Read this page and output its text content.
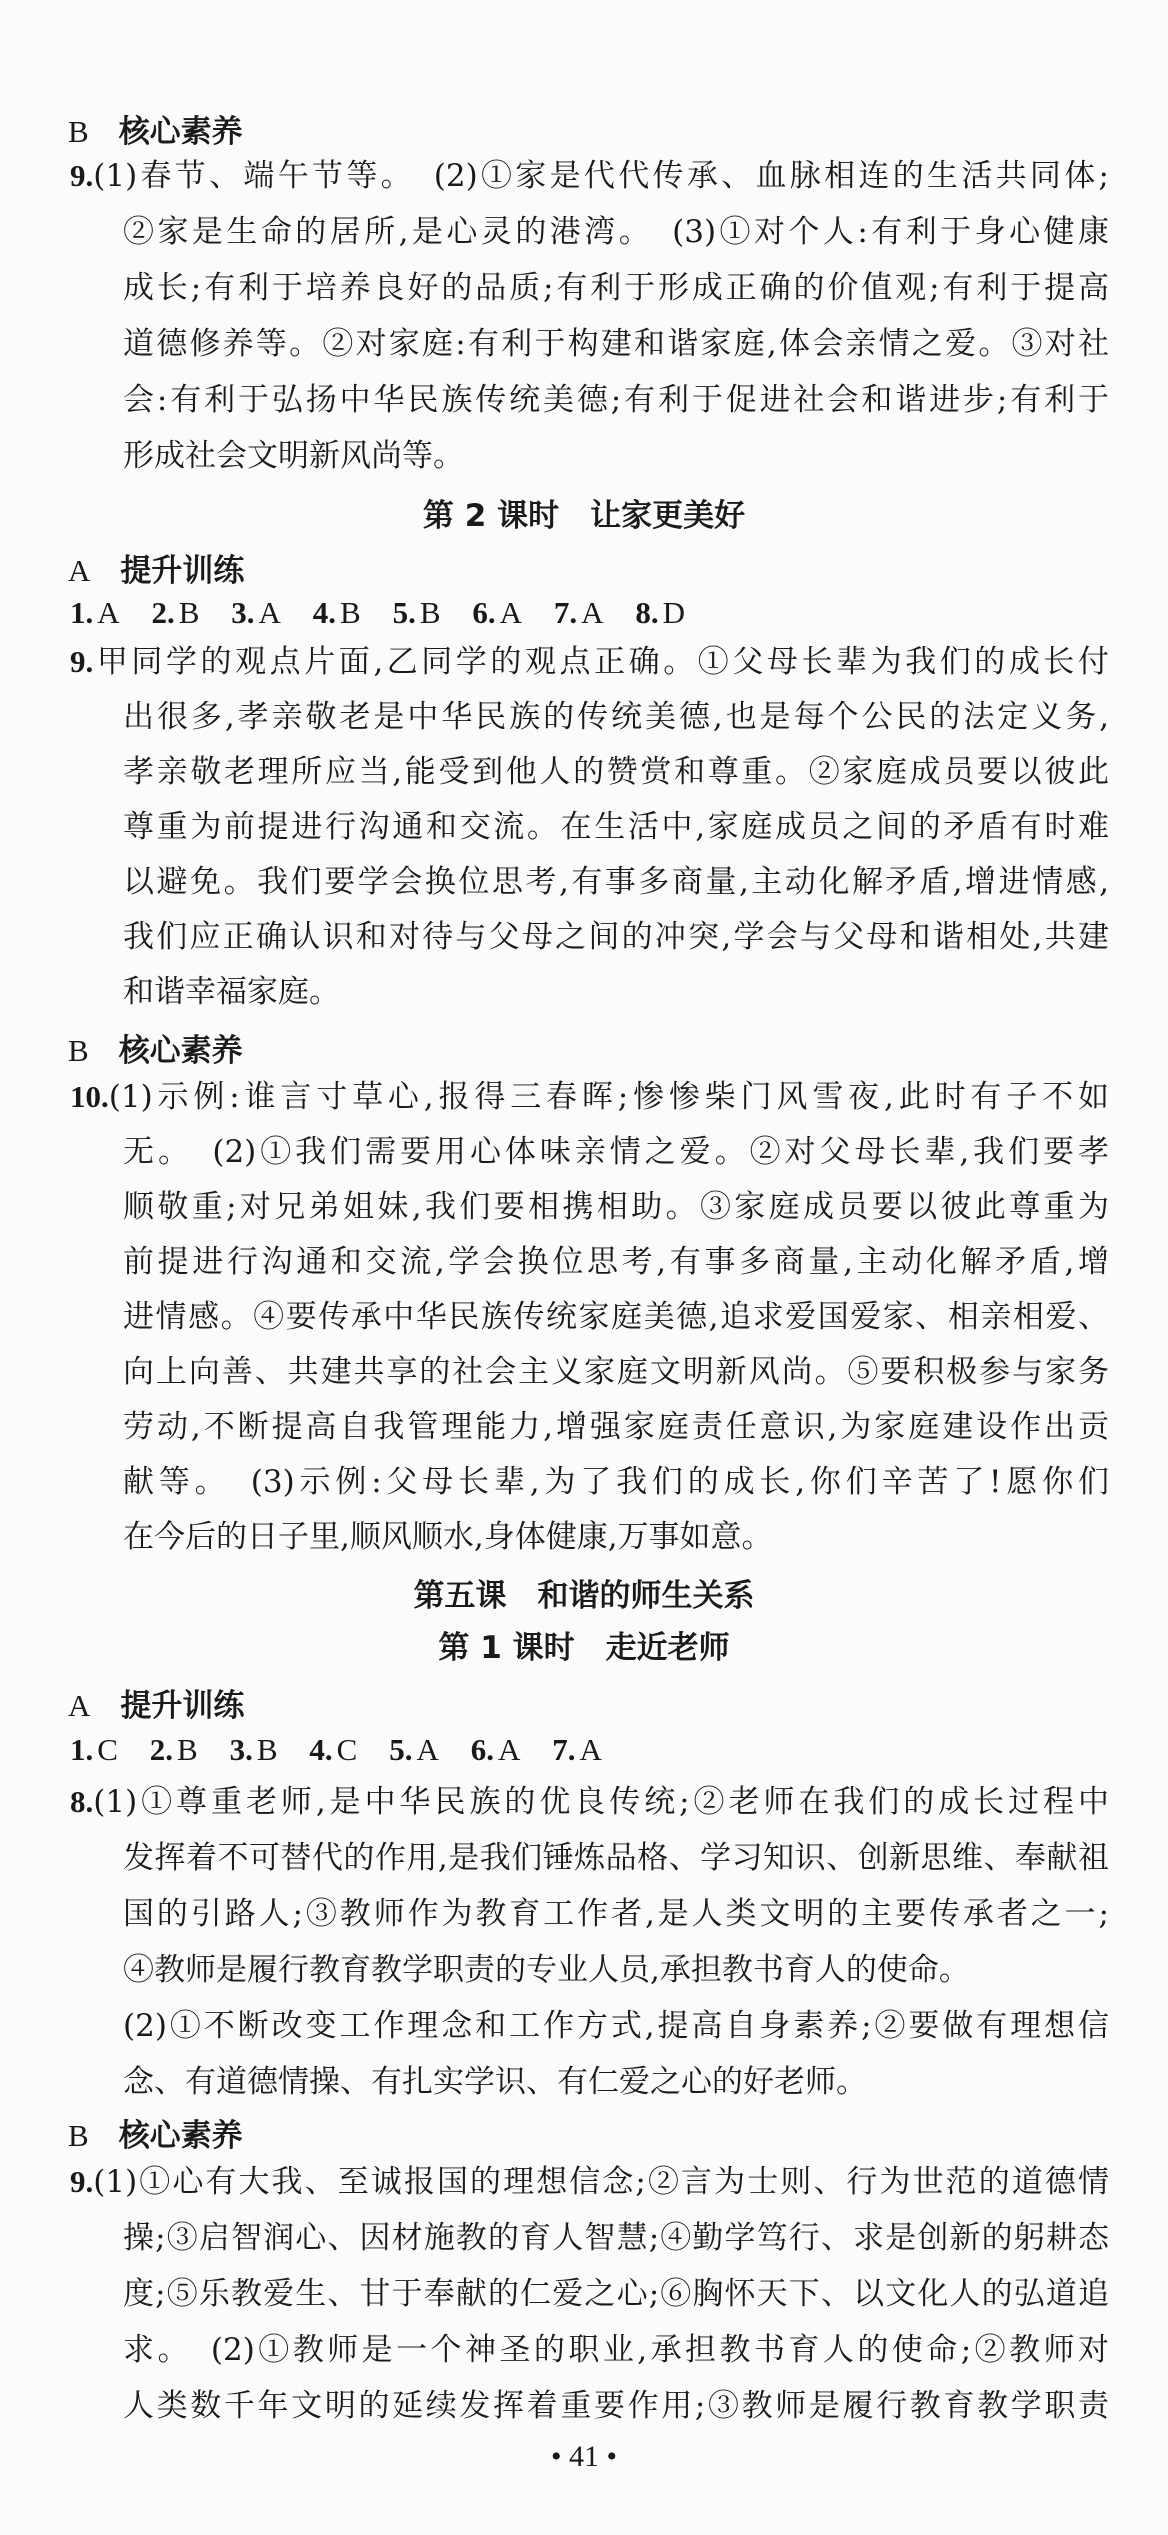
B 核心素养
9.(1)春节、端午节等。　(2)①家是代代传承、血脉相连的生活共同体;
②家是生命的居所,是心灵的港湾。　(3)①对个人:有利于身心健康
成长;有利于培养良好的品质;有利于形成正确的价值观;有利于提高
道德修养等。②对家庭:有利于构建和谐家庭,体会亲情之爱。③对社
会:有利于弘扬中华民族传统美德;有利于促进社会和谐进步;有利于
形成社会文明新风尚等。
第 2 课时　让家更美好
A 提升训练
1. A 2. B 3. A 4. B 5. B 6. A 7. A 8. D
9.甲同学的观点片面,乙同学的观点正确。①父母长辈为我们的成长付
出很多,孝亲敬老是中华民族的传统美德,也是每个公民的法定义务,
孝亲敬老理所应当,能受到他人的赞赏和尊重。②家庭成员要以彼此
尊重为前提进行沟通和交流。在生活中,家庭成员之间的矛盾有时难
以避免。我们要学会换位思考,有事多商量,主动化解矛盾,增进情感,
我们应正确认识和对待与父母之间的冲突,学会与父母和谐相处,共建
和谐幸福家庭。
B 核心素养
10.(1)示例:谁言寸草心,报得三春晖;惨惨柴门风雪夜,此时有子不如
无。　(2)①我们需要用心体味亲情之爱。②对父母长辈,我们要孝
顺敬重;对兄弟姐妹,我们要相携相助。③家庭成员要以彼此尊重为
前提进行沟通和交流,学会换位思考,有事多商量,主动化解矛盾,增
进情感。④要传承中华民族传统家庭美德,追求爱国爱家、相亲相爱、
向上向善、共建共享的社会主义家庭文明新风尚。⑤要积极参与家务
劳动,不断提高自我管理能力,增强家庭责任意识,为家庭建设作出贡
献等。　(3)示例:父母长辈,为了我们的成长,你们辛苦了!愿你们
在今后的日子里,顺风顺水,身体健康,万事如意。
第五课　和谐的师生关系
第 1 课时　走近老师
A 提升训练
1. C 2. B 3. B 4. C 5. A 6. A 7. A
8.(1)①尊重老师,是中华民族的优良传统;②老师在我们的成长过程中
发挥着不可替代的作用,是我们锤炼品格、学习知识、创新思维、奉献祖
国的引路人;③教师作为教育工作者,是人类文明的主要传承者之一;
④教师是履行教育教学职责的专业人员,承担教书育人的使命。
(2)①不断改变工作理念和工作方式,提高自身素养;②要做有理想信
念、有道德情操、有扎实学识、有仁爱之心的好老师。
B 核心素养
9.(1)①心有大我、至诚报国的理想信念;②言为士则、行为世范的道德情
操;③启智润心、因材施教的育人智慧;④勤学笃行、求是创新的躬耕态
度;⑤乐教爱生、甘于奉献的仁爱之心;⑥胸怀天下、以文化人的弘道追
求。　(2)①教师是一个神圣的职业,承担教书育人的使命;②教师对
人类数千年文明的延续发挥着重要作用;③教师是履行教育教学职责
• 41 •
